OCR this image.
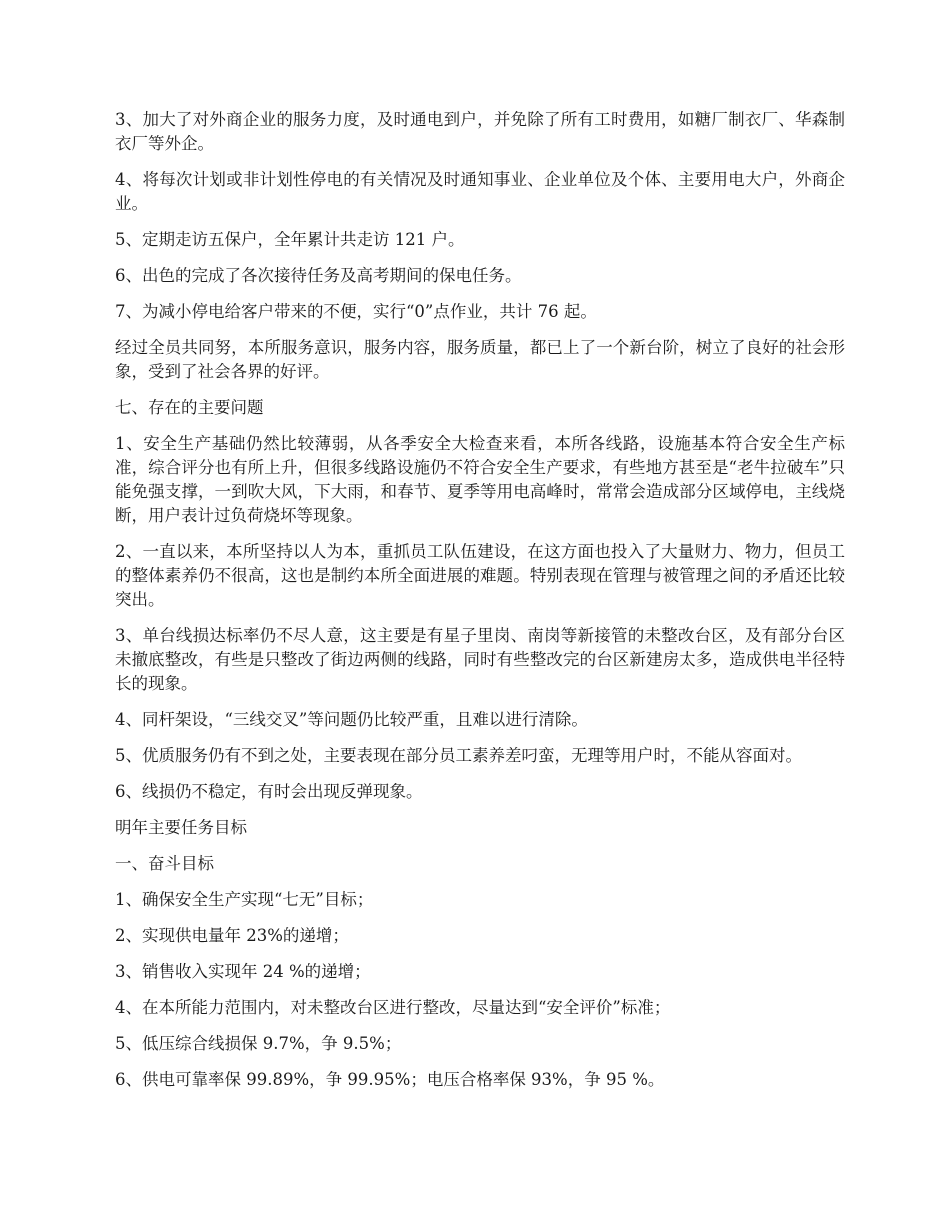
3、加大了对外商企业的服务力度，及时通电到户，并免除了所有工时费用，如糖厂制衣厂、华森制衣厂等外企。

4、将每次计划或非计划性停电的有关情况及时通知事业、企业单位及个体、主要用电大户，外商企业。

5、定期走访五保户，全年累计共走访 121 户。

6、出色的完成了各次接待任务及高考期间的保电任务。

7、为减小停电给客户带来的不便，实行“0”点作业，共计 76 起。

经过全员共同努，本所服务意识，服务内容，服务质量，都已上了一个新台阶，树立了良好的社会形象，受到了社会各界的好评。

七、存在的主要问题

1、安全生产基础仍然比较薄弱，从各季安全大检查来看，本所各线路，设施基本符合安全生产标准，综合评分也有所上升，但很多线路设施仍不符合安全生产要求，有些地方甚至是“老牛拉破车”只能免强支撑，一到吹大风，下大雨，和春节、夏季等用电高峰时，常常会造成部分区域停电，主线烧断，用户表计过负荷烧坏等现象。

2、一直以来，本所坚持以人为本，重抓员工队伍建设，在这方面也投入了大量财力、物力，但员工的整体素养仍不很高，这也是制约本所全面进展的难题。特别表现在管理与被管理之间的矛盾还比较突出。

3、单台线损达标率仍不尽人意，这主要是有星子里岗、南岗等新接管的未整改台区，及有部分台区未撤底整改，有些是只整改了街边两侧的线路，同时有些整改完的台区新建房太多，造成供电半径特长的现象。

4、同杆架设，“三线交叉”等问题仍比较严重，且难以进行清除。

5、优质服务仍有不到之处，主要表现在部分员工素养差叼蛮，无理等用户时，不能从容面对。

6、线损仍不稳定，有时会出现反弹现象。

明年主要任务目标

一、奋斗目标

1、确保安全生产实现“七无”目标；

2、实现供电量年 23%的递增；

3、销售收入实现年 24 %的递增；

4、在本所能力范围内，对未整改台区进行整改，尽量达到“安全评价”标准；

5、低压综合线损保 9.7%，争 9.5%；

6、供电可靠率保 99.89%，争 99.95%；电压合格率保 93%，争 95 %。
